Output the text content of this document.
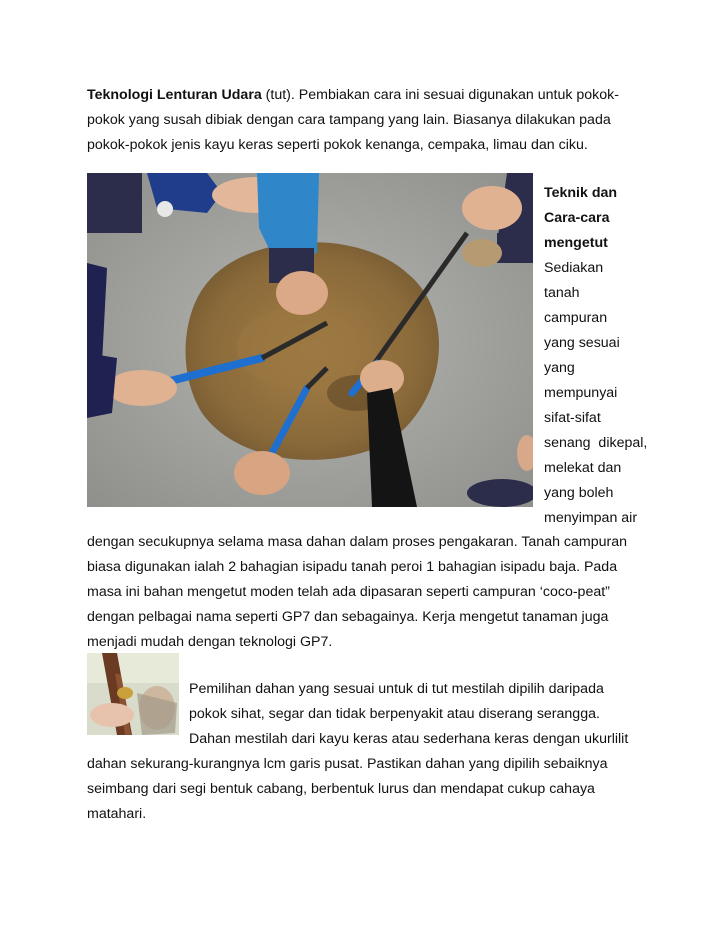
Teknologi Lenturan Udara (tut). Pembiakan cara ini sesuai digunakan untuk pokok-
pokok yang susah dibiak dengan cara tampang yang lain. Biasanya dilakukan pada
pokok-pokok jenis kayu keras seperti pokok kenanga, cempaka, limau dan ciku.
Teknik dan
Cara-cara
mengetut
Sediakan
tanah
campuran
yang sesuai
yang
mempunyai
sifat-sifat
senang  dikepal,
melekat dan
yang boleh
menyimpan air
dengan secukupnya selama masa dahan dalam proses pengakaran. Tanah campuran
biasa digunakan ialah 2 bahagian isipadu tanah peroi 1 bahagian isipadu baja. Pada
masa ini bahan mengetut moden telah ada dipasaran seperti campuran ‘coco-peat”
dengan pelbagai nama seperti GP7 dan sebagainya. Kerja mengetut tanaman juga
menjadi mudah dengan teknologi GP7.
Pemilihan dahan yang sesuai untuk di tut mestilah dipilih daripada
pokok sihat, segar dan tidak berpenyakit atau diserang serangga.
Dahan mestilah dari kayu keras atau sederhana keras dengan ukurlilit
dahan sekurang-kurangnya lcm garis pusat. Pastikan dahan yang dipilih sebaiknya
seimbang dari segi bentuk cabang, berbentuk lurus dan mendapat cukup cahaya
matahari.
